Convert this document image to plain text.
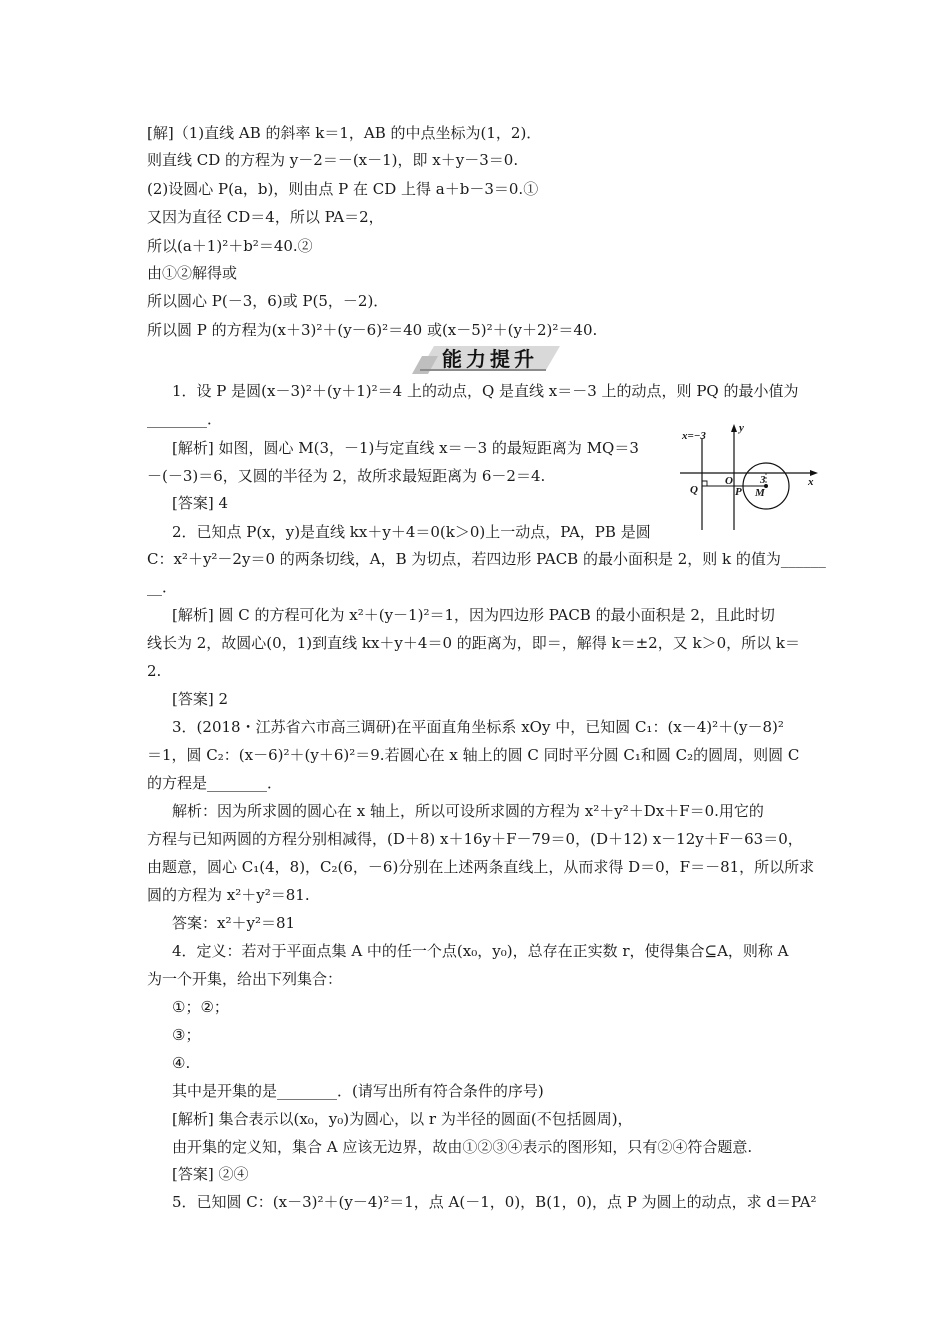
[解]（1)直线 AB 的斜率 k＝1，AB 的中点坐标为(1，2)．
则直线 CD 的方程为 y－2＝－(x－1)，即 x＋y－3＝0.
(2)设圆心 P(a，b)，则由点 P 在 CD 上得 a＋b－3＝0.①
又因为直径 CD＝4，所以 PA＝2，
所以(a＋1)²＋b²＝40.②
由①②解得或
所以圆心 P(－3，6)或 P(5，－2)．
所以圆 P 的方程为(x＋3)²＋(y－6)²＝40 或(x－5)²＋(y＋2)²＝40.
能力提升
1．设 P 是圆(x－3)²＋(y＋1)²＝4 上的动点，Q 是直线 x＝－3 上的动点，则 PQ 的最小值为
________．
[解析] 如图，圆心 M(3，－1)与定直线 x＝－3 的最短距离为 MQ＝3
－(－3)＝6，又圆的半径为 2，故所求最短距离为 6－2＝4.
[答案] 4
x=−3
y
x
Q
O
P M
3
2．已知点 P(x，y)是直线 kx＋y＋4＝0(k＞0)上一动点，PA，PB 是圆
C：x²＋y²－2y＝0 的两条切线，A，B 为切点，若四边形 PACB 的最小面积是 2，则 k 的值为______
__．
[解析] 圆 C 的方程可化为 x²＋(y－1)²＝1，因为四边形 PACB 的最小面积是 2，且此时切
线长为 2，故圆心(0，1)到直线 kx＋y＋4＝0 的距离为，即＝，解得 k＝±2，又 k＞0，所以 k＝
2.
[答案] 2
3．(2018・江苏省六市高三调研)在平面直角坐标系 xOy 中，已知圆 C₁：(x－4)²＋(y－8)²
＝1，圆 C₂：(x－6)²＋(y＋6)²＝9.若圆心在 x 轴上的圆 C 同时平分圆 C₁和圆 C₂的圆周，则圆 C
的方程是________．
解析：因为所求圆的圆心在 x 轴上，所以可设所求圆的方程为 x²＋y²＋Dx＋F＝0.用它的
方程与已知两圆的方程分别相减得，(D＋8) x＋16y＋F－79＝0，(D＋12) x－12y＋F－63＝0，
由题意，圆心 C₁(4，8)，C₂(6，－6)分别在上述两条直线上，从而求得 D＝0，F＝－81，所以所求
圆的方程为 x²＋y²＝81.
答案：x²＋y²＝81
4．定义：若对于平面点集 A 中的任一个点(x₀，y₀)，总存在正实数 r，使得集合⊆A，则称 A
为一个开集，给出下列集合：
①；②；
③；
④.
其中是开集的是________．(请写出所有符合条件的序号)
[解析] 集合表示以(x₀，y₀)为圆心，以 r 为半径的圆面(不包括圆周)，
由开集的定义知，集合 A 应该无边界，故由①②③④表示的图形知，只有②④符合题意.
[答案] ②④
5．已知圆 C：(x－3)²＋(y－4)²＝1，点 A(－1，0)，B(1，0)，点 P 为圆上的动点，求 d＝PA²
